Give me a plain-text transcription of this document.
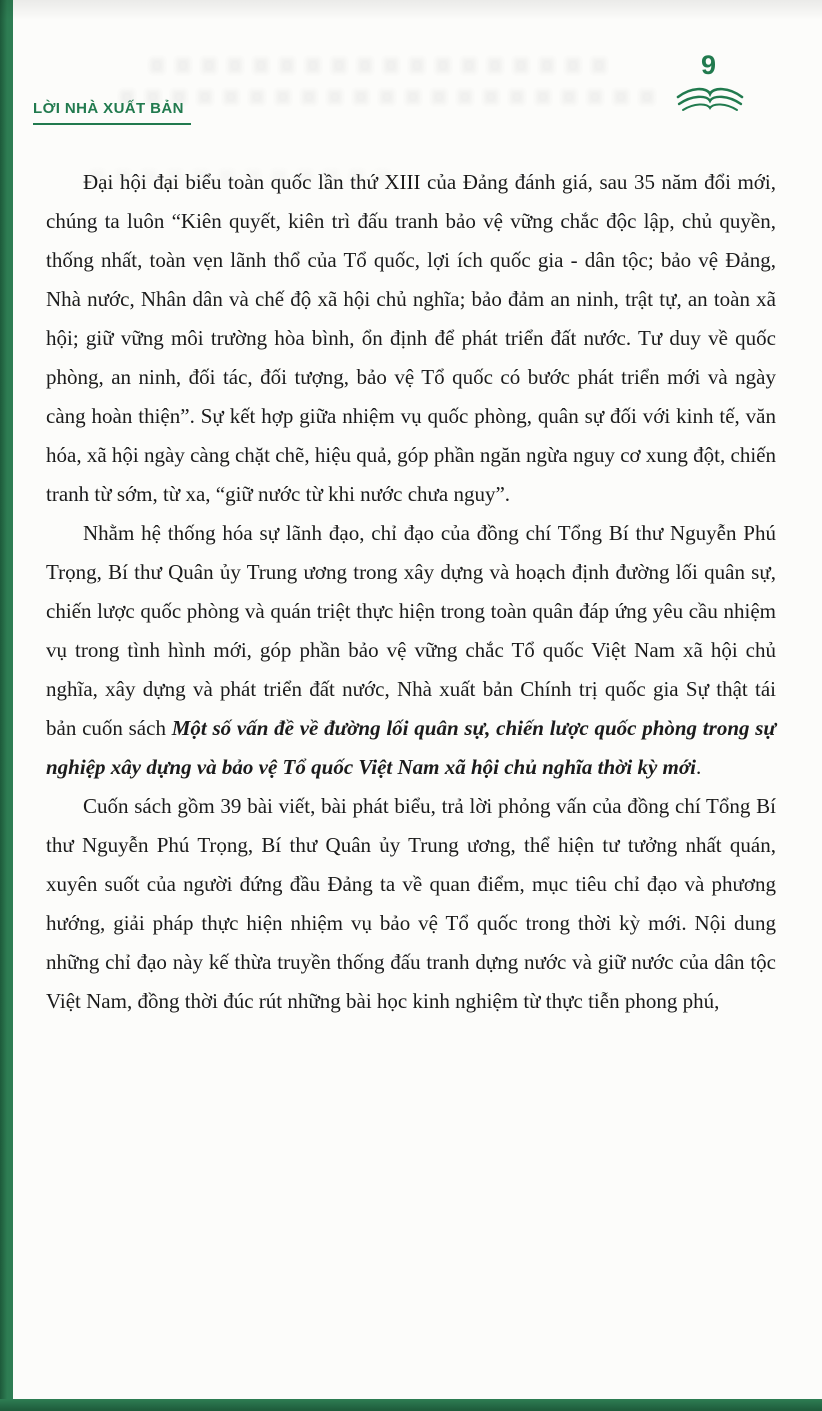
LỜI NHÀ XUẤT BẢN
9

Đại hội đại biểu toàn quốc lần thứ XIII của Đảng đánh giá, sau 35 năm đổi mới, chúng ta luôn “Kiên quyết, kiên trì đấu tranh bảo vệ vững chắc độc lập, chủ quyền, thống nhất, toàn vẹn lãnh thổ của Tổ quốc, lợi ích quốc gia - dân tộc; bảo vệ Đảng, Nhà nước, Nhân dân và chế độ xã hội chủ nghĩa; bảo đảm an ninh, trật tự, an toàn xã hội; giữ vững môi trường hòa bình, ổn định để phát triển đất nước. Tư duy về quốc phòng, an ninh, đối tác, đối tượng, bảo vệ Tổ quốc có bước phát triển mới và ngày càng hoàn thiện”. Sự kết hợp giữa nhiệm vụ quốc phòng, quân sự đối với kinh tế, văn hóa, xã hội ngày càng chặt chẽ, hiệu quả, góp phần ngăn ngừa nguy cơ xung đột, chiến tranh từ sớm, từ xa, “giữ nước từ khi nước chưa nguy”.

Nhằm hệ thống hóa sự lãnh đạo, chỉ đạo của đồng chí Tổng Bí thư Nguyễn Phú Trọng, Bí thư Quân ủy Trung ương trong xây dựng và hoạch định đường lối quân sự, chiến lược quốc phòng và quán triệt thực hiện trong toàn quân đáp ứng yêu cầu nhiệm vụ trong tình hình mới, góp phần bảo vệ vững chắc Tổ quốc Việt Nam xã hội chủ nghĩa, xây dựng và phát triển đất nước, Nhà xuất bản Chính trị quốc gia Sự thật tái bản cuốn sách Một số vấn đề về đường lối quân sự, chiến lược quốc phòng trong sự nghiệp xây dựng và bảo vệ Tổ quốc Việt Nam xã hội chủ nghĩa thời kỳ mới.

Cuốn sách gồm 39 bài viết, bài phát biểu, trả lời phỏng vấn của đồng chí Tổng Bí thư Nguyễn Phú Trọng, Bí thư Quân ủy Trung ương, thể hiện tư tưởng nhất quán, xuyên suốt của người đứng đầu Đảng ta về quan điểm, mục tiêu chỉ đạo và phương hướng, giải pháp thực hiện nhiệm vụ bảo vệ Tổ quốc trong thời kỳ mới. Nội dung những chỉ đạo này kế thừa truyền thống đấu tranh dựng nước và giữ nước của dân tộc Việt Nam, đồng thời đúc rút những bài học kinh nghiệm từ thực tiễn phong phú,
